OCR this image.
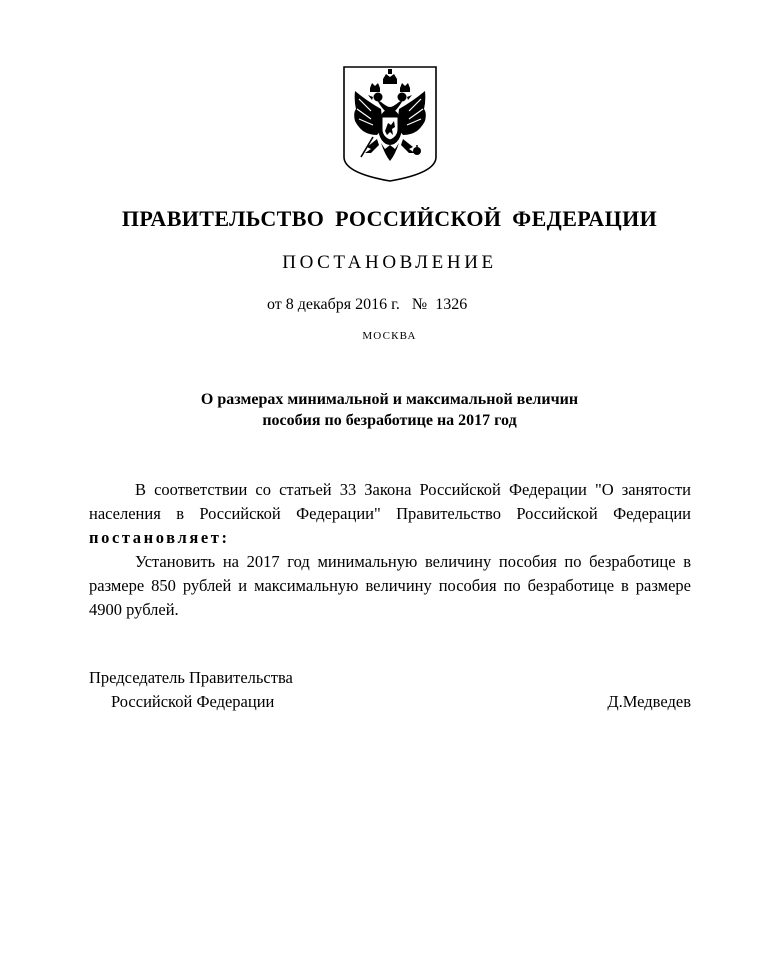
ПРАВИТЕЛЬСТВО РОССИЙСКОЙ ФЕДЕРАЦИИ
ПОСТАНОВЛЕНИЕ
от 8 декабря 2016 г. № 1326
МОСКВА
О размерах минимальной и максимальной величин
пособия по безработице на 2017 год

В соответствии со статьей 33 Закона Российской Федерации "О занятости населения в Российской Федерации" Правительство Российской Федерации постановляет:

Установить на 2017 год минимальную величину пособия по безработице в размере 850 рублей и максимальную величину пособия по безработице в размере 4900 рублей.

Председатель Правительства
Российской Федерации	Д.Медведев
